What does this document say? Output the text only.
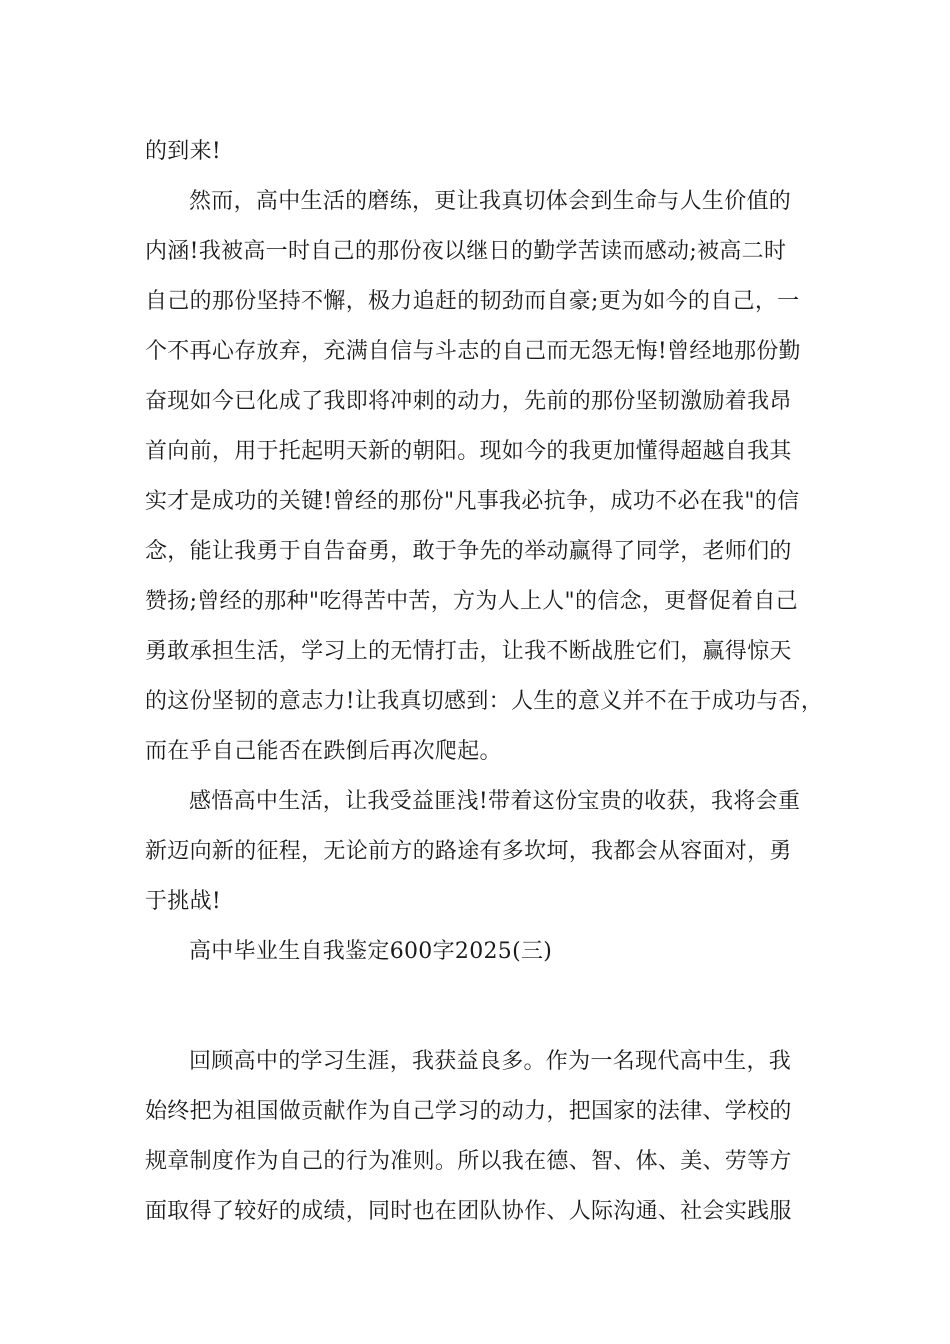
的到来!
然而，高中生活的磨练，更让我真切体会到生命与人生价值的
内涵!我被高一时自己的那份夜以继日的勤学苦读而感动;被高二时
自己的那份坚持不懈，极力追赶的韧劲而自豪;更为如今的自己，一
个不再心存放弃，充满自信与斗志的自己而无怨无悔!曾经地那份勤
奋现如今已化成了我即将冲刺的动力，先前的那份坚韧激励着我昂
首向前，用于托起明天新的朝阳。现如今的我更加懂得超越自我其
实才是成功的关键!曾经的那份"凡事我必抗争，成功不必在我"的信
念，能让我勇于自告奋勇，敢于争先的举动赢得了同学，老师们的
赞扬;曾经的那种"吃得苦中苦，方为人上人"的信念，更督促着自己
勇敢承担生活，学习上的无情打击，让我不断战胜它们，赢得惊天
的这份坚韧的意志力!让我真切感到：人生的意义并不在于成功与否，
而在乎自己能否在跌倒后再次爬起。
感悟高中生活，让我受益匪浅!带着这份宝贵的收获，我将会重
新迈向新的征程，无论前方的路途有多坎坷，我都会从容面对，勇
于挑战!
高中毕业生自我鉴定600字2025(三)
回顾高中的学习生涯，我获益良多。作为一名现代高中生，我
始终把为祖国做贡献作为自己学习的动力，把国家的法律、学校的
规章制度作为自己的行为准则。所以我在德、智、体、美、劳等方
面取得了较好的成绩，同时也在团队协作、人际沟通、社会实践服
